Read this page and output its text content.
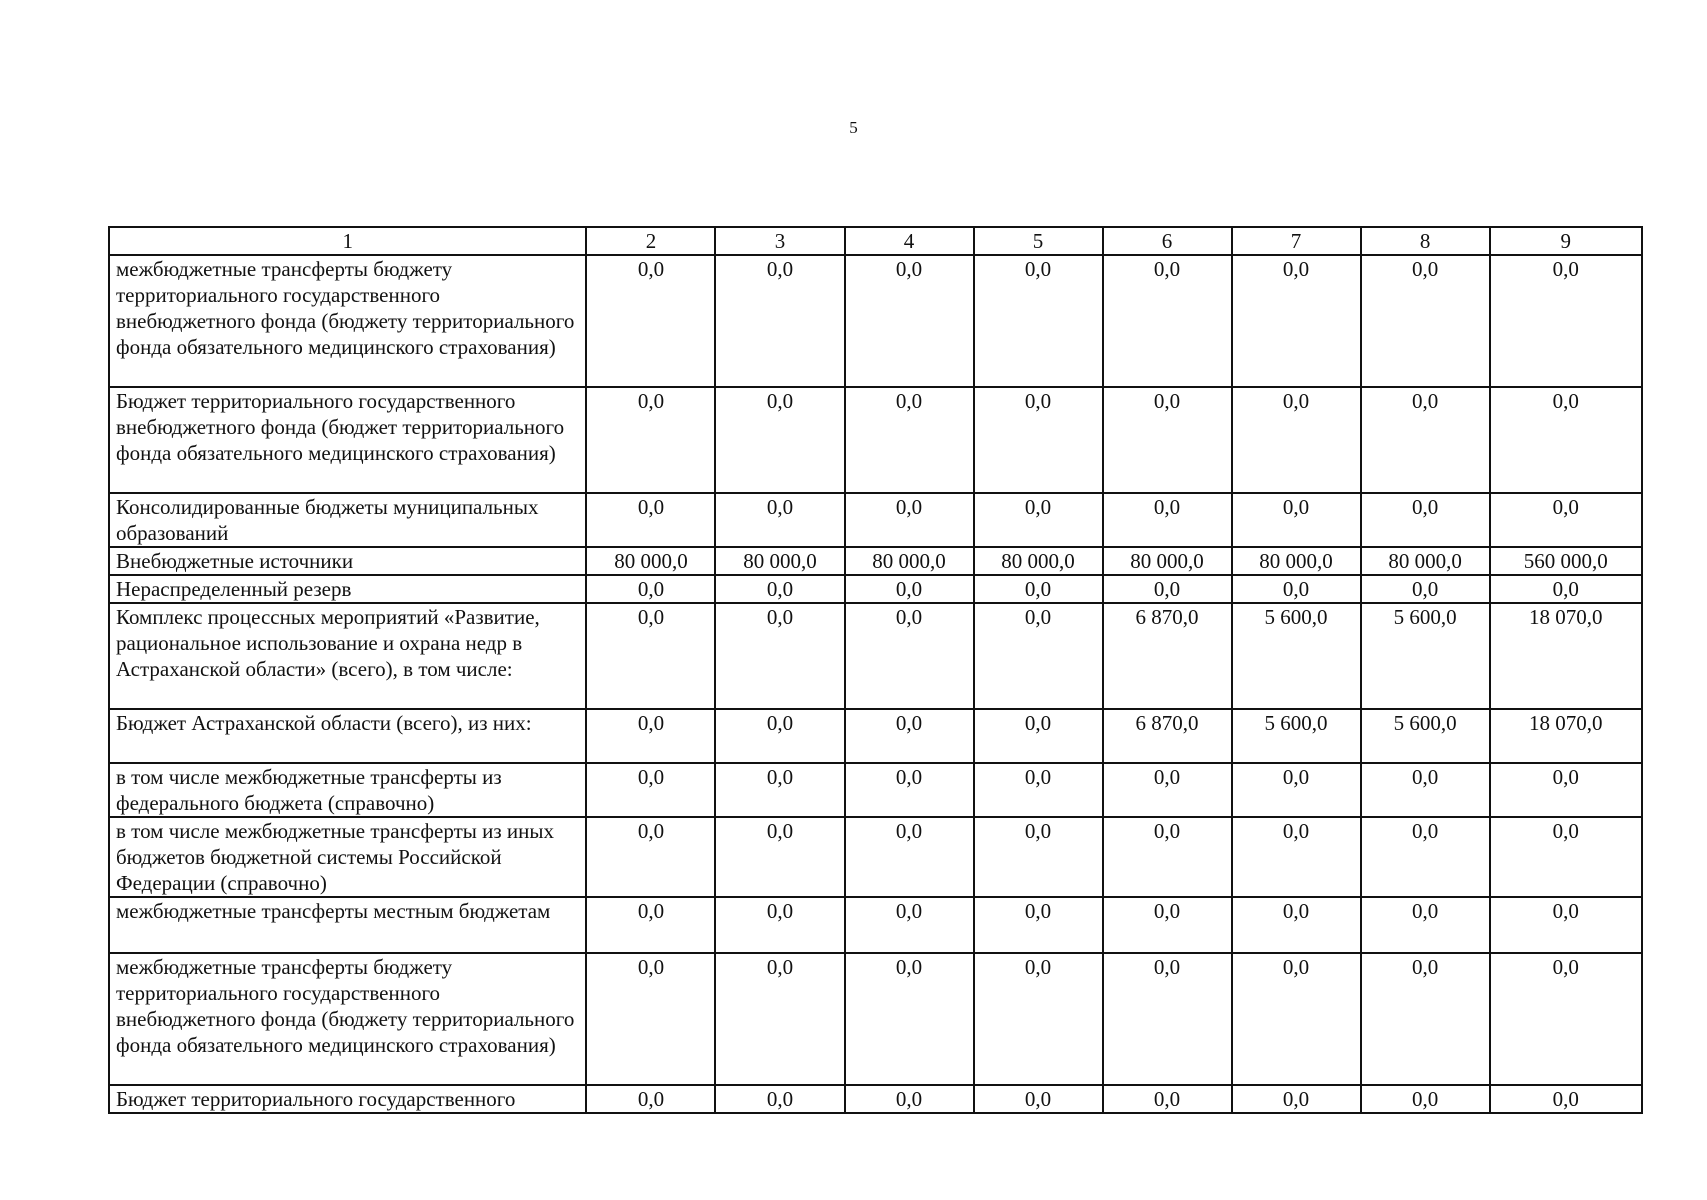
5
1	2	3	4	5	6	7	8	9
межбюджетные трансферты бюджету территориального государственного внебюджетного фонда (бюджету территориального фонда обязательного медицинского страхования)	0,0	0,0	0,0	0,0	0,0	0,0	0,0	0,0
Бюджет территориального государственного внебюджетного фонда (бюджет территориального фонда обязательного медицинского страхования)	0,0	0,0	0,0	0,0	0,0	0,0	0,0	0,0
Консолидированные бюджеты муниципальных образований	0,0	0,0	0,0	0,0	0,0	0,0	0,0	0,0
Внебюджетные источники	80 000,0	80 000,0	80 000,0	80 000,0	80 000,0	80 000,0	80 000,0	560 000,0
Нераспределенный резерв	0,0	0,0	0,0	0,0	0,0	0,0	0,0	0,0
Комплекс процессных мероприятий «Развитие, рациональное использование и охрана недр в Астраханской области» (всего), в том числе:	0,0	0,0	0,0	0,0	6 870,0	5 600,0	5 600,0	18 070,0
Бюджет Астраханской области (всего), из них:	0,0	0,0	0,0	0,0	6 870,0	5 600,0	5 600,0	18 070,0
в том числе межбюджетные трансферты из федерального бюджета (справочно)	0,0	0,0	0,0	0,0	0,0	0,0	0,0	0,0
в том числе межбюджетные трансферты из иных бюджетов бюджетной системы Российской Федерации (справочно)	0,0	0,0	0,0	0,0	0,0	0,0	0,0	0,0
межбюджетные трансферты местным бюджетам	0,0	0,0	0,0	0,0	0,0	0,0	0,0	0,0
межбюджетные трансферты бюджету территориального государственного внебюджетного фонда (бюджету территориального фонда обязательного медицинского страхования)	0,0	0,0	0,0	0,0	0,0	0,0	0,0	0,0
Бюджет территориального государственного	0,0	0,0	0,0	0,0	0,0	0,0	0,0	0,0
